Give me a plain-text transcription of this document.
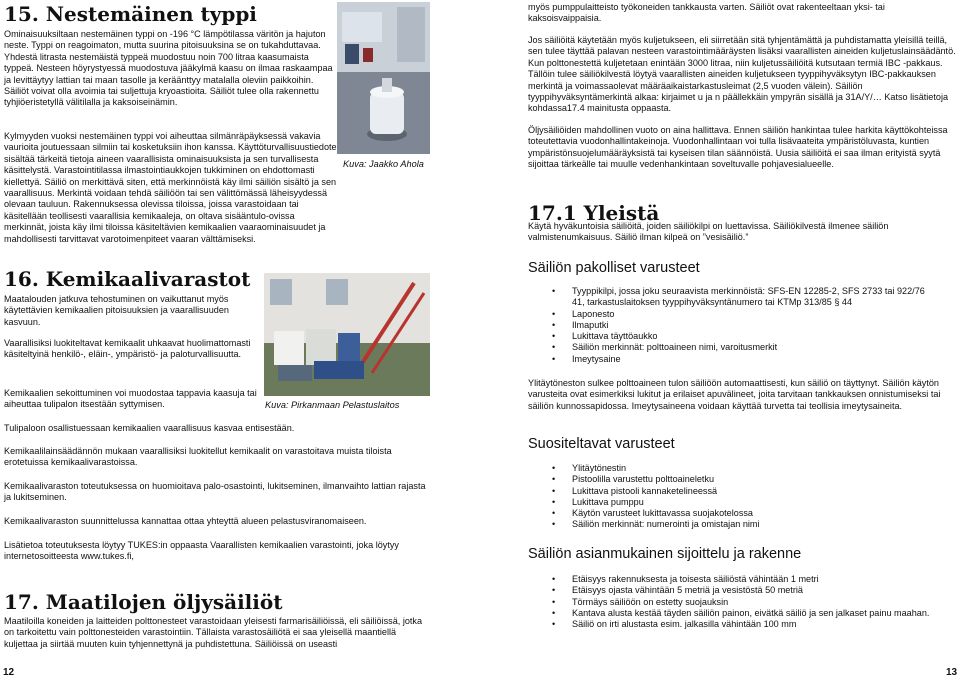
15. Nestemäinen typpi

Ominaisuuksiltaan nestemäinen typpi on -196 °C lämpötilassa väritön ja hajuton neste. Typpi on reagoimaton, mutta suurina pitoisuuksina se on tukahduttavaa. Yhdestä litrasta nestemäistä typpeä muodostuu noin 700 litraa kaasumaista typpeä. Nesteen höyrystyessä muodostuva jääkylmä kaasu on ilmaa raskaampaa ja levittäytyy lattian tai maan tasolle ja keräänttyy matalalla oleviin paikkoihin. Säiliöt voivat olla avoimia tai suljettuja kryoastioita. Säiliöt tulee olla rakennettu tyhjiöeristetyllä välitilalla ja kaksoiseinämin.

Kuva: Jaakko Ahola

Kylmyyden vuoksi nestemäinen typpi voi aiheuttaa silmänräpäyksessä vakavia vaurioita joutuessaan silmiin tai kosketuksiin ihon kanssa. Käyttöturvallisuustiedote sisältää tärkeitä tietoja aineen vaarallisista ominaisuuksista ja sen turvallisesta käsittelystä. Varastointitilassa ilmastointiaukkojen tukkiminen on ehdottomasti kiellettyä. Säiliö on merkittävä siten, että merkinnöistä käy ilmi säiliön sisältö ja sen vaarallisuus. Merkintä voidaan tehdä säiliöön tai sen välittömässä läheisyydessä olevaan tauluun. Rakennuksessa olevissa tiloissa, joissa varastoidaan tai käsitellään teollisesti vaarallisia kemikaaleja, on oltava sisääntulo-ovissa merkinnät, joista käy ilmi tiloissa käsiteltävien kemikaalien vaaraominaisuudet ja mahdollisesti tarvittavat varotoimenpiteet vaaran välttämiseksi.

16. Kemikaalivarastot

Maatalouden jatkuva tehostuminen on vaikuttanut myös käytettävien kemikaalien pitoisuuksien ja vaarallisuuden kasvuun.

Vaarallisiksi luokiteltavat kemikaalit uhkaavat huolimattomasti käsiteltyinä henkilö-, eläin-, ympäristö- ja paloturvallisuutta.

Kemikaalien sekoittuminen voi muodostaa tappavia kaasuja tai aiheuttaa tulipalon itsestään syttymisen.	Kuva: Pirkanmaan Pelastuslaitos

Tulipaloon osallistuessaan kemikaalien vaarallisuus kasvaa entisestään.

Kemikaalilainsäädännön mukaan vaarallisiksi luokitellut kemikaalit on varastoitava muista tiloista erotetuissa kemikaalivarastoissa.

Kemikaalivaraston toteutuksessa on huomioitava palo-osastointi, lukitseminen, ilmanvaihto lattian rajasta ja lukitseminen.

Kemikaalivaraston suunnittelussa kannattaa ottaa yhteyttä alueen pelastusviranomaiseen.

Lisätietoa toteutuksesta löytyy TUKES:in oppaasta Vaarallisten kemikaalien varastointi, joka löytyy internetosoitteesta www.tukes.fi,

17. Maatilojen öljysäiliöt

Maatiloilla koneiden ja laitteiden polttonesteet varastoidaan yleisesti farmarisäiliöissä, eli säiliöissä, jotka on tarkoitettu vain polttonesteiden varastointiin. Tällaista varastosäiliötä ei saa yleisellä maantiellä kuljettaa ja siirtää muuten kuin tyhjennettynä ja puhdistettuna. Säiliöissä on useasti

12

myös pumppulaitteisto työkoneiden tankkausta varten. Säiliöt ovat rakenteeltaan yksi- tai kaksoisvaippaisia.

Jos säiliöitä käytetään myös kuljetukseen, eli siirretään sitä tyhjentämättä ja puhdistamatta yleisillä teillä, sen tulee täyttää palavan nesteen varastointimääräysten lisäksi vaarallisten aineiden kuljetuslainsäädäntö. Kun polttonestettä kuljetetaan enintään 3000 litraa, niin kuljetussäiliöitä kutsutaan termiä IBC -pakkaus. Tällöin tulee säiliökilvestä löytyä vaarallisten aineiden kuljetukseen tyyppihyväksytyn IBC-pakkauksen merkintä ja voimassaolevat määräaikaistarkastusleimat (2,5 vuoden välein). Säiliön tyyppihyväksyntämerkintä alkaa: kirjaimet u ja n päällekkäin ympyrän sisällä ja 31A/Y/… Katso lisätietoja kohdassa17.4 mainitusta oppaasta.

Öljysäiliöiden mahdollinen vuoto on aina hallittava. Ennen säiliön hankintaa tulee harkita käyttökohteissa toteutettavia vuodonhallintakeinoja. Vuodonhallintaan voi tulla lisävaateita ympäristöluvasta, kuntien ympäristönsuojelumääräyksistä tai kyseisen tilan säännöistä. Uusia säiliöitä ei saa ilman erityistä syytä sijoittaa tärkeälle tai muulle vedenhankintaan soveltuvalle pohjavesialueelle.

17.1 Yleistä

Käytä hyväkuntoisia säiliöitä, joiden säiliökilpi on luettavissa. Säiliökilvestä ilmenee säiliön valmistenumkaisuus. Säiliö ilman kilpeä on ”vesisäiliö.”

Säiliön pakolliset varusteet
• Tyyppikilpi, jossa joku seuraavista merkinnöistä: SFS-EN 12285-2, SFS 2733 tai 922/76
41, tarkastuslaitoksen tyyppihyväksyntänumero tai KTMp 313/85 § 44
• Laponesto
• Ilmaputki
• Lukittava täyttöaukko
• Säiliön merkinnät: polttoaineen nimi, varoitusmerkit
• Imeytysaine

Ylitäytöneston sulkee polttoaineen tulon säiliöön automaattisesti, kun säiliö on täyttynyt. Säiliön käytön varusteita ovat esimerkiksi lukitut ja erilaiset apuvälineet, joita tarvitaan tankkauksen onnistumiseksi tai säiliön kunnossapidossa. Imeytysaineena voidaan käyttää turvetta tai teollisia imeytysaineita.

Suositeltavat varusteet
• Ylitäytönestin
• Pistoolilla varustettu polttoaineletku
• Lukittava pistooli kannaketelineessä
• Lukittava pumppu
• Käytön varusteet lukittavassa suojakotelossa
• Säiliön merkinnät: numerointi ja omistajan nimi
Säiliön asianmukainen sijoittelu ja rakenne
• Etäisyys rakennuksesta ja toisesta säiliöstä vähintään 1 metri
• Etäisyys ojasta vähintään 5 metriä ja vesistöstä 50 metriä
• Törmäys säiliöön on estetty suojauksin
• Kantava alusta kestää täyden säiliön painon, eivätkä säiliö ja sen jalkaset painu maahan.
• Säiliö on irti alustasta esim. jalkasilla vähintään 100 mm
13
